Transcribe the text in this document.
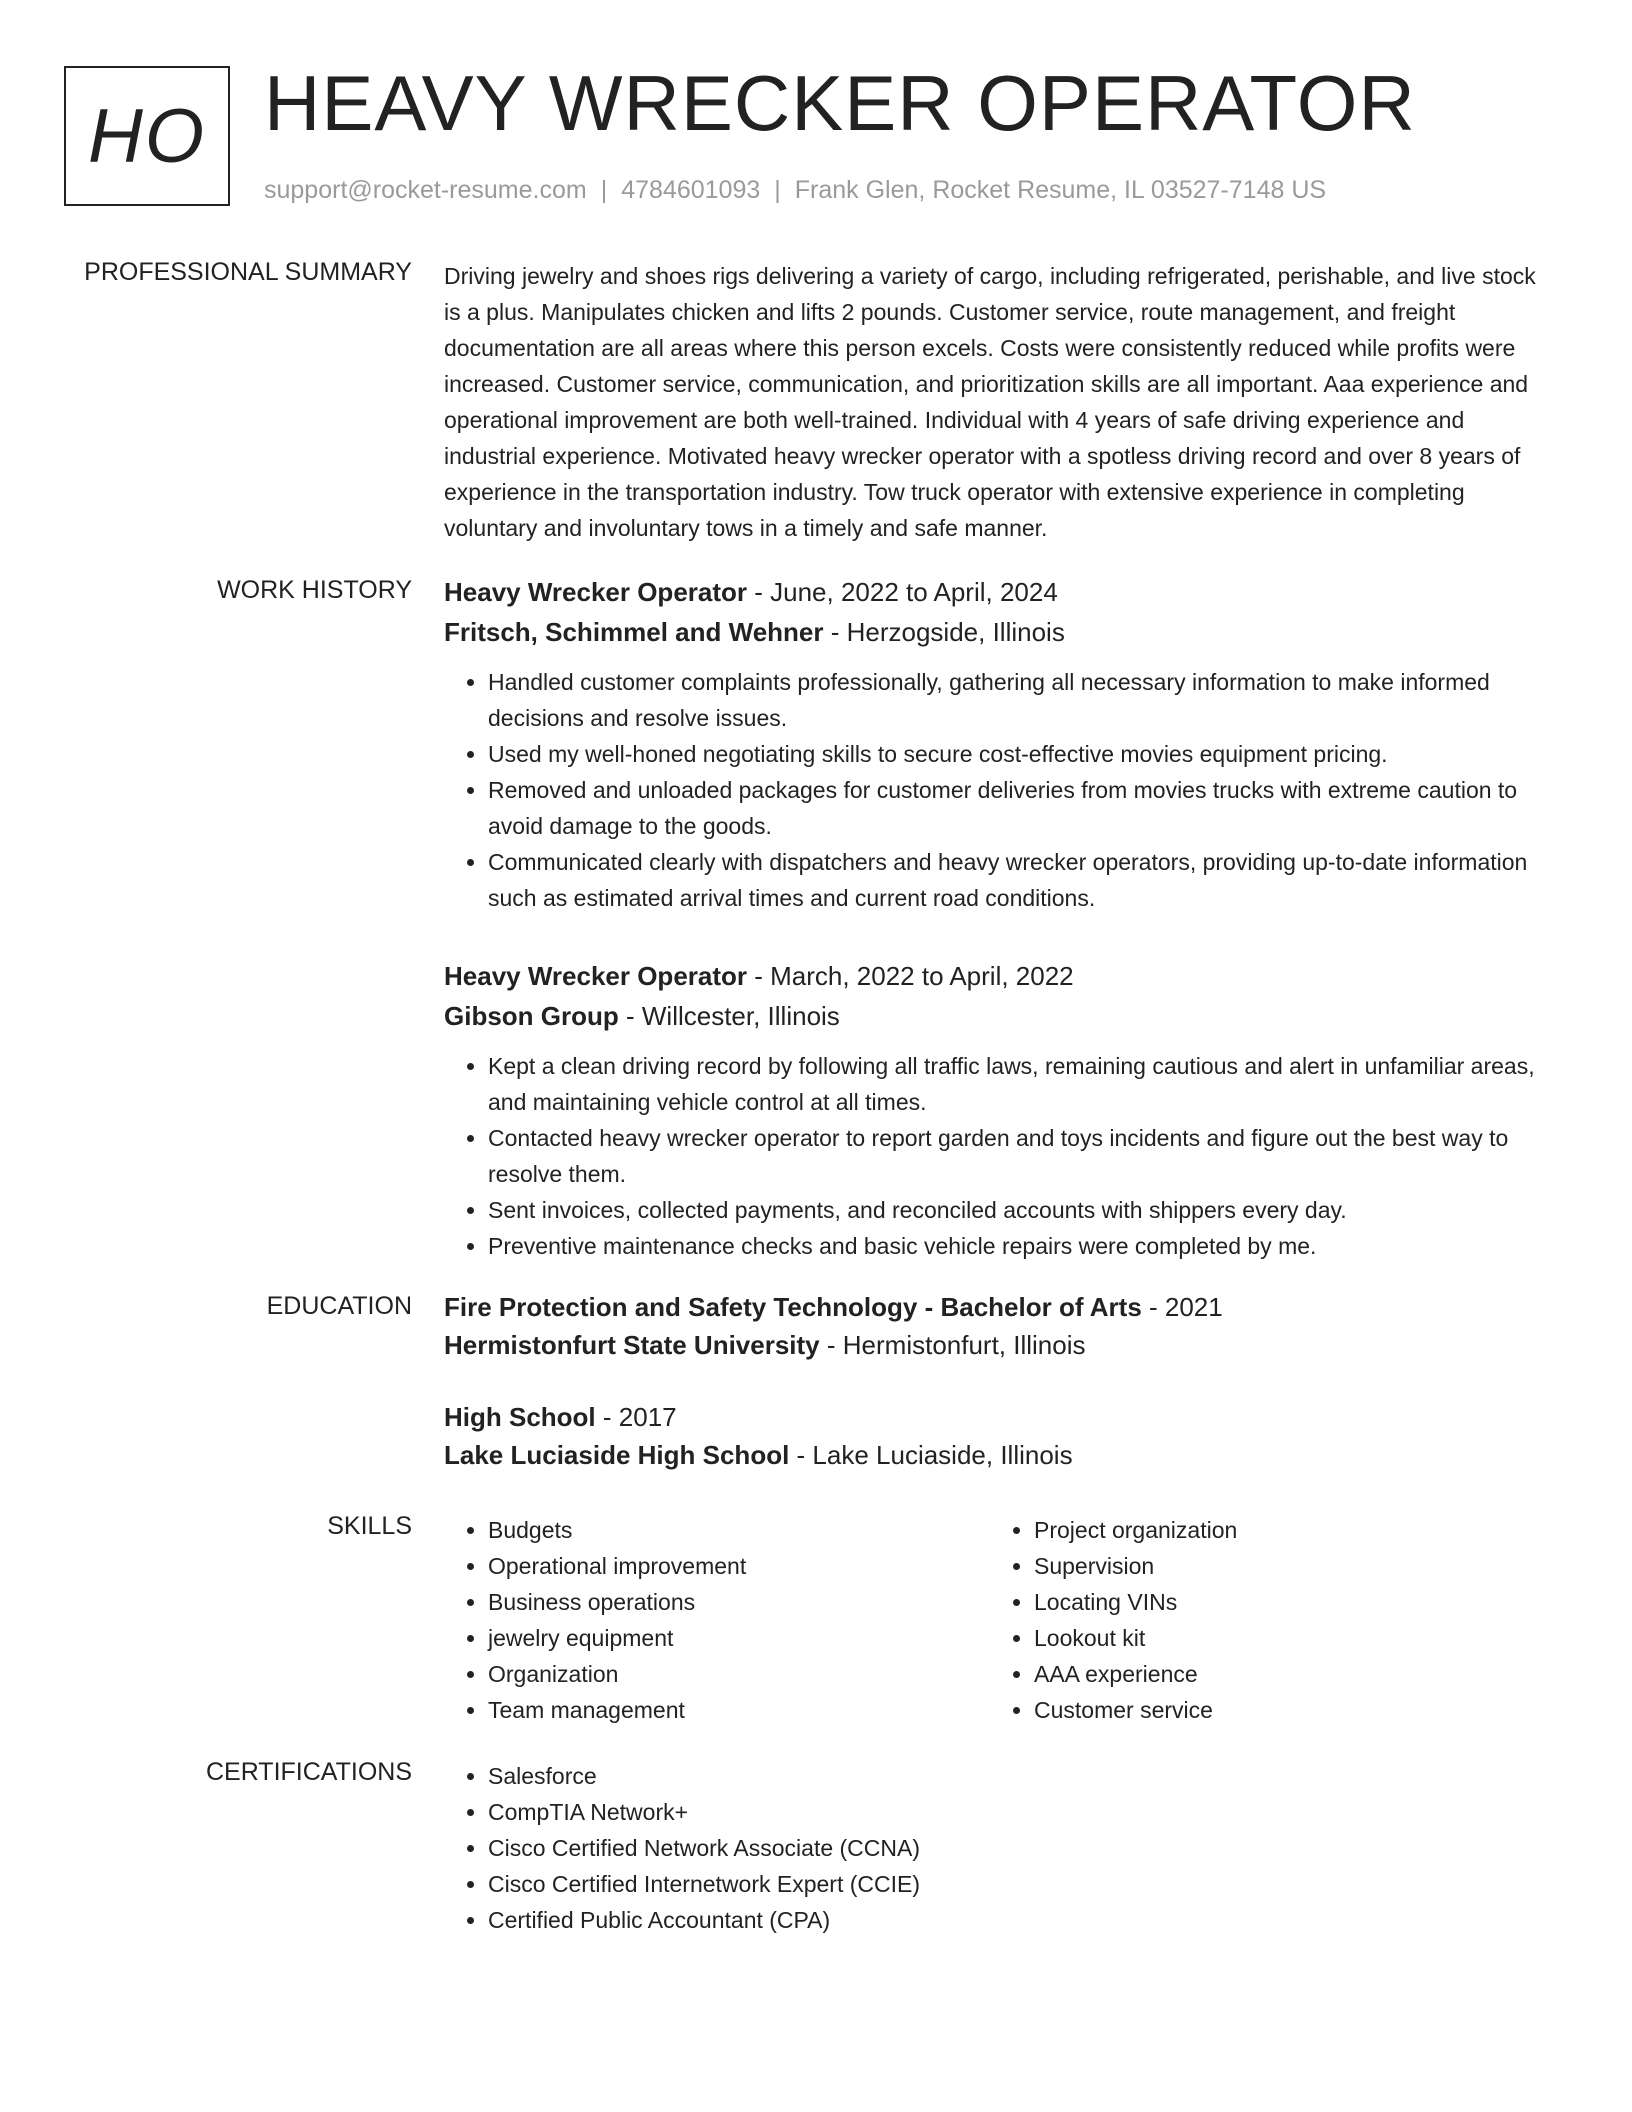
HO HEAVY WRECKER OPERATOR
support@rocket-resume.com | 4784601093 | Frank Glen, Rocket Resume, IL 03527-7148 US
PROFESSIONAL SUMMARY Driving jewelry and shoes rigs delivering a variety of cargo, including refrigerated, perishable, and live stock is a plus. Manipulates chicken and lifts 2 pounds. Customer service, route management, and freight documentation are all areas where this person excels. Costs were consistently reduced while profits were increased. Customer service, communication, and prioritization skills are all important. Aaa experience and operational improvement are both well-trained. Individual with 4 years of safe driving experience and industrial experience. Motivated heavy wrecker operator with a spotless driving record and over 8 years of experience in the transportation industry. Tow truck operator with extensive experience in completing voluntary and involuntary tows in a timely and safe manner.

WORK HISTORY Heavy Wrecker Operator - June, 2022 to April, 2024
Fritsch, Schimmel and Wehner - Herzogside, Illinois
• Handled customer complaints professionally, gathering all necessary information to make informed decisions and resolve issues.
• Used my well-honed negotiating skills to secure cost-effective movies equipment pricing.
• Removed and unloaded packages for customer deliveries from movies trucks with extreme caution to avoid damage to the goods.
• Communicated clearly with dispatchers and heavy wrecker operators, providing up-to-date information such as estimated arrival times and current road conditions.
Heavy Wrecker Operator - March, 2022 to April, 2022
Gibson Group - Willcester, Illinois
• Kept a clean driving record by following all traffic laws, remaining cautious and alert in unfamiliar areas, and maintaining vehicle control at all times.
• Contacted heavy wrecker operator to report garden and toys incidents and figure out the best way to resolve them.
• Sent invoices, collected payments, and reconciled accounts with shippers every day.
• Preventive maintenance checks and basic vehicle repairs were completed by me.
EDUCATION Fire Protection and Safety Technology - Bachelor of Arts - 2021
Hermistonfurt State University - Hermistonfurt, Illinois
High School - 2017
Lake Luciaside High School - Lake Luciaside, Illinois
SKILLS	• Budgets
• Operational improvement
• Business operations
• jewelry equipment
• Organization
• Team management
• Project organization
• Supervision
• Locating VINs
• Lookout kit
• AAA experience
• Customer service
CERTIFICATIONS	• Salesforce
• CompTIA Network+
• Cisco Certified Network Associate (CCNA)
• Cisco Certified Internetwork Expert (CCIE)
• Certified Public Accountant (CPA)
